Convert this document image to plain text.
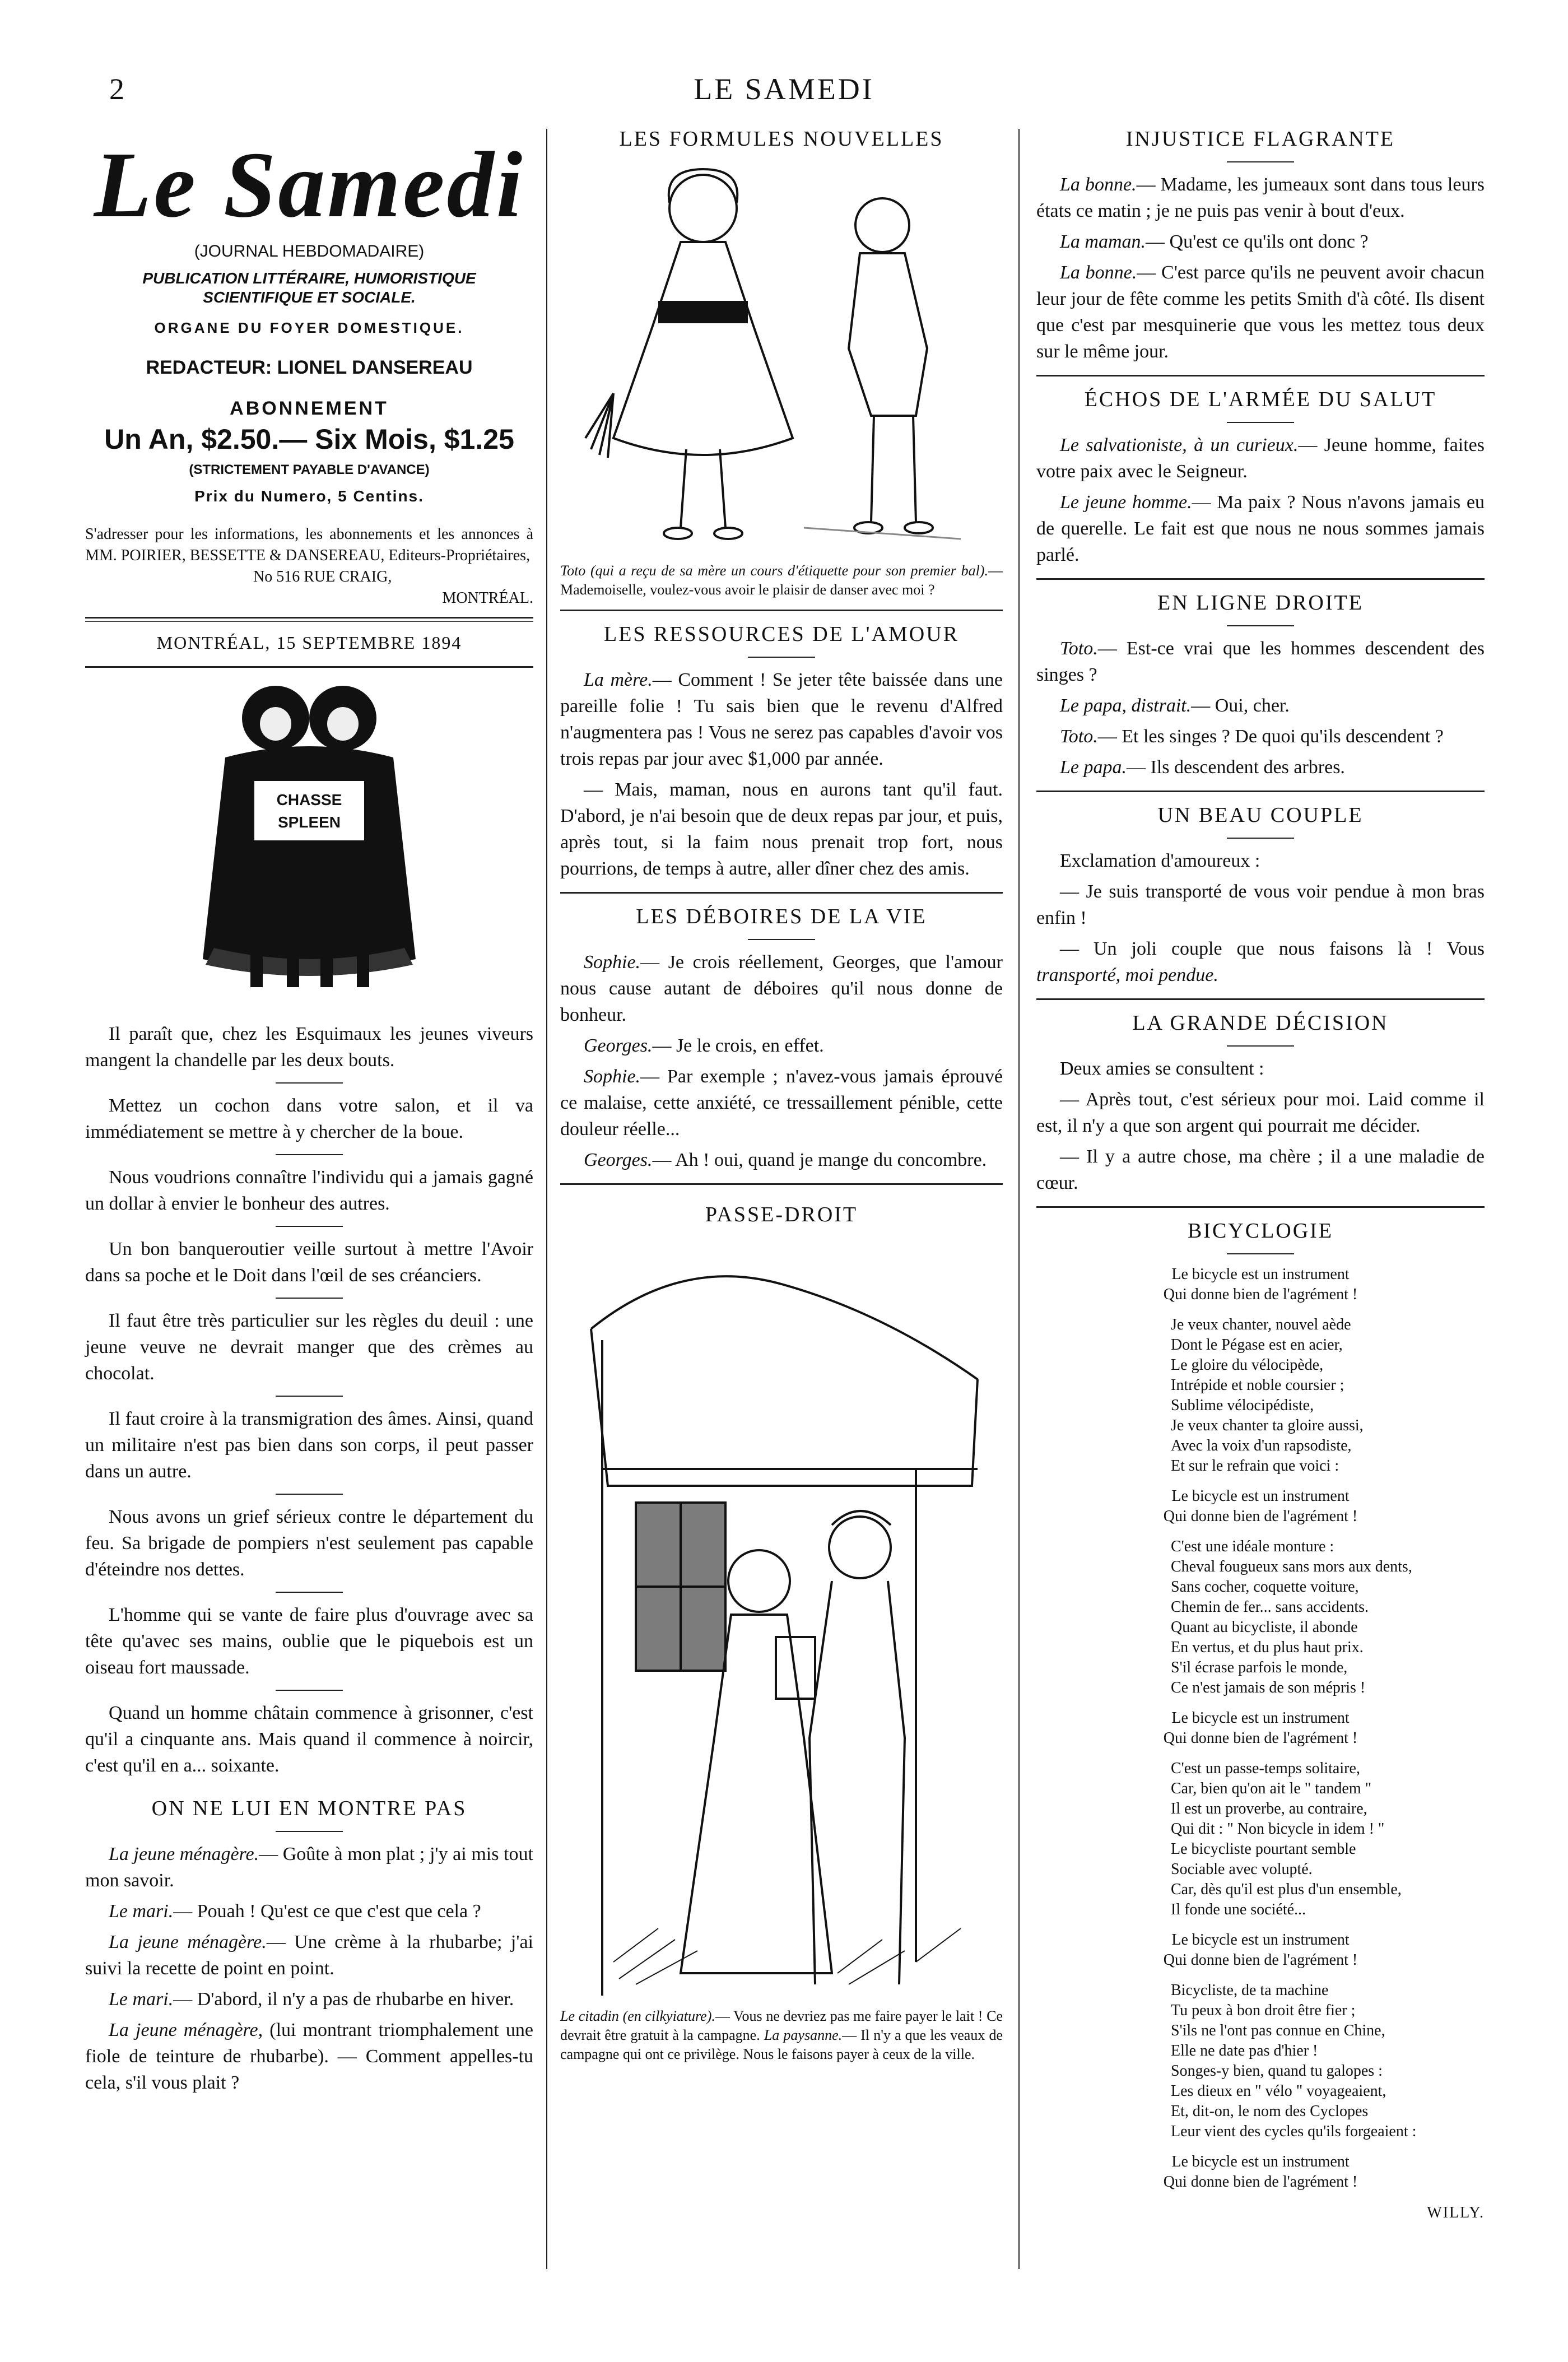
2	LE SAMEDI
Le Samedi
(JOURNAL HEBDOMADAIRE)
PUBLICATION LITTÉRAIRE, HUMORISTIQUE
SCIENTIFIQUE ET SOCIALE.
ORGANE DU FOYER DOMESTIQUE.
REDACTEUR: LIONEL DANSEREAU
ABONNEMENT
Un An, $2.50.— Six Mois, $1.25
(STRICTEMENT PAYABLE D'AVANCE)
Prix du Numero, 5 Centins.
S'adresser pour les informations, les abonnements et les annonces à MM. POIRIER, BESSETTE & DANSEREAU, Editeurs-Propriétaires,
No 516 RUE CRAIG,
MONTRÉAL.
MONTRÉAL, 15 SEPTEMBRE 1894
CHASSE
SPLEEN

Il paraît que, chez les Esquimaux les jeunes viveurs mangent la chandelle par les deux bouts.

Mettez un cochon dans votre salon, et il va immédiatement se mettre à y chercher de la boue.

Nous voudrions connaître l'individu qui a jamais gagné un dollar à envier le bonheur des autres.

Un bon banqueroutier veille surtout à mettre l'Avoir dans sa poche et le Doit dans l'œil de ses créanciers.

Il faut être très particulier sur les règles du deuil : une jeune veuve ne devrait manger que des crèmes au chocolat.

Il faut croire à la transmigration des âmes. Ainsi, quand un militaire n'est pas bien dans son corps, il peut passer dans un autre.

Nous avons un grief sérieux contre le département du feu. Sa brigade de pompiers n'est seulement pas capable d'éteindre nos dettes.

L'homme qui se vante de faire plus d'ouvrage avec sa tête qu'avec ses mains, oublie que le piquebois est un oiseau fort maussade.

Quand un homme châtain commence à grisonner, c'est qu'il a cinquante ans. Mais quand il commence à noircir, c'est qu'il en a... soixante.

ON NE LUI EN MONTRE PAS

La jeune ménagère.— Goûte à mon plat ; j'y ai mis tout mon savoir.

Le mari.— Pouah ! Qu'est ce que c'est que cela ?

La jeune ménagère.— Une crème à la rhubarbe; j'ai suivi la recette de point en point.

Le mari.— D'abord, il n'y a pas de rhubarbe en hiver.

La jeune ménagère, (lui montrant triomphalement une fiole de teinture de rhubarbe). — Comment appelles-tu cela, s'il vous plait ?

LES FORMULES NOUVELLES
Toto (qui a reçu de sa mère un cours d'étiquette pour son premier bal).— Mademoiselle, voulez-vous avoir le plaisir de danser avec moi ?
LES RESSOURCES DE L'AMOUR

La mère.— Comment ! Se jeter tête baissée dans une pareille folie ! Tu sais bien que le revenu d'Alfred n'augmentera pas ! Vous ne serez pas capables d'avoir vos trois repas par jour avec $1,000 par année.

— Mais, maman, nous en aurons tant qu'il faut. D'abord, je n'ai besoin que de deux repas par jour, et puis, après tout, si la faim nous prenait trop fort, nous pourrions, de temps à autre, aller dîner chez des amis.

LES DÉBOIRES DE LA VIE

Sophie.— Je crois réellement, Georges, que l'amour nous cause autant de déboires qu'il nous donne de bonheur.

Georges.— Je le crois, en effet.

Sophie.— Par exemple ; n'avez-vous jamais éprouvé ce malaise, cette anxiété, ce tressaillement pénible, cette douleur réelle...

Georges.— Ah ! oui, quand je mange du concombre.

PASSE-DROIT
Le citadin (en cilkyiature).— Vous ne devriez pas me faire payer le lait ! Ce devrait être gratuit à la campagne. La paysanne.— Il n'y a que les veaux de campagne qui ont ce privilège. Nous le faisons payer à ceux de la ville.
INJUSTICE FLAGRANTE

La bonne.— Madame, les jumeaux sont dans tous leurs états ce matin ; je ne puis pas venir à bout d'eux.

La maman.— Qu'est ce qu'ils ont donc ?

La bonne.— C'est parce qu'ils ne peuvent avoir chacun leur jour de fête comme les petits Smith d'à côté. Ils disent que c'est par mesquinerie que vous les mettez tous deux sur le même jour.

ÉCHOS DE L'ARMÉE DU SALUT

Le salvationiste, à un curieux.— Jeune homme, faites votre paix avec le Seigneur.

Le jeune homme.— Ma paix ? Nous n'avons jamais eu de querelle. Le fait est que nous ne nous sommes jamais parlé.

EN LIGNE DROITE

Toto.— Est-ce vrai que les hommes descendent des singes ?

Le papa, distrait.— Oui, cher.

Toto.— Et les singes ? De quoi qu'ils descendent ?

Le papa.— Ils descendent des arbres.

UN BEAU COUPLE

Exclamation d'amoureux :

— Je suis transporté de vous voir pendue à mon bras enfin !

— Un joli couple que nous faisons là ! Vous transporté, moi pendue.

LA GRANDE DÉCISION

Deux amies se consultent :

— Après tout, c'est sérieux pour moi. Laid comme il est, il n'y a que son argent qui pourrait me décider.

— Il y a autre chose, ma chère ; il a une maladie de cœur.

BICYCLOGIE
Le bicycle est un instrument
Qui donne bien de l'agrément !
Je veux chanter, nouvel aède
Dont le Pégase est en acier,
Le gloire du vélocipède,
Intrépide et noble coursier ;
Sublime vélocipédiste,
Je veux chanter ta gloire aussi,
Avec la voix d'un rapsodiste,
Et sur le refrain que voici :
Le bicycle est un instrument
Qui donne bien de l'agrément !
C'est une idéale monture :
Cheval fougueux sans mors aux dents,
Sans cocher, coquette voiture,
Chemin de fer... sans accidents.
Quant au bicycliste, il abonde
En vertus, et du plus haut prix.
S'il écrase parfois le monde,
Ce n'est jamais de son mépris !
Le bicycle est un instrument
Qui donne bien de l'agrément !
C'est un passe-temps solitaire,
Car, bien qu'on ait le " tandem "
Il est un proverbe, au contraire,
Qui dit : " Non bicycle in idem ! "
Le bicycliste pourtant semble
Sociable avec volupté.
Car, dès qu'il est plus d'un ensemble,
Il fonde une société...
Le bicycle est un instrument
Qui donne bien de l'agrément !
Bicycliste, de ta machine
Tu peux à bon droit être fier ;
S'ils ne l'ont pas connue en Chine,
Elle ne date pas d'hier !
Songes-y bien, quand tu galopes :
Les dieux en " vélo " voyageaient,
Et, dit-on, le nom des Cyclopes
Leur vient des cycles qu'ils forgeaient :
Le bicycle est un instrument
Qui donne bien de l'agrément !
WILLY.
